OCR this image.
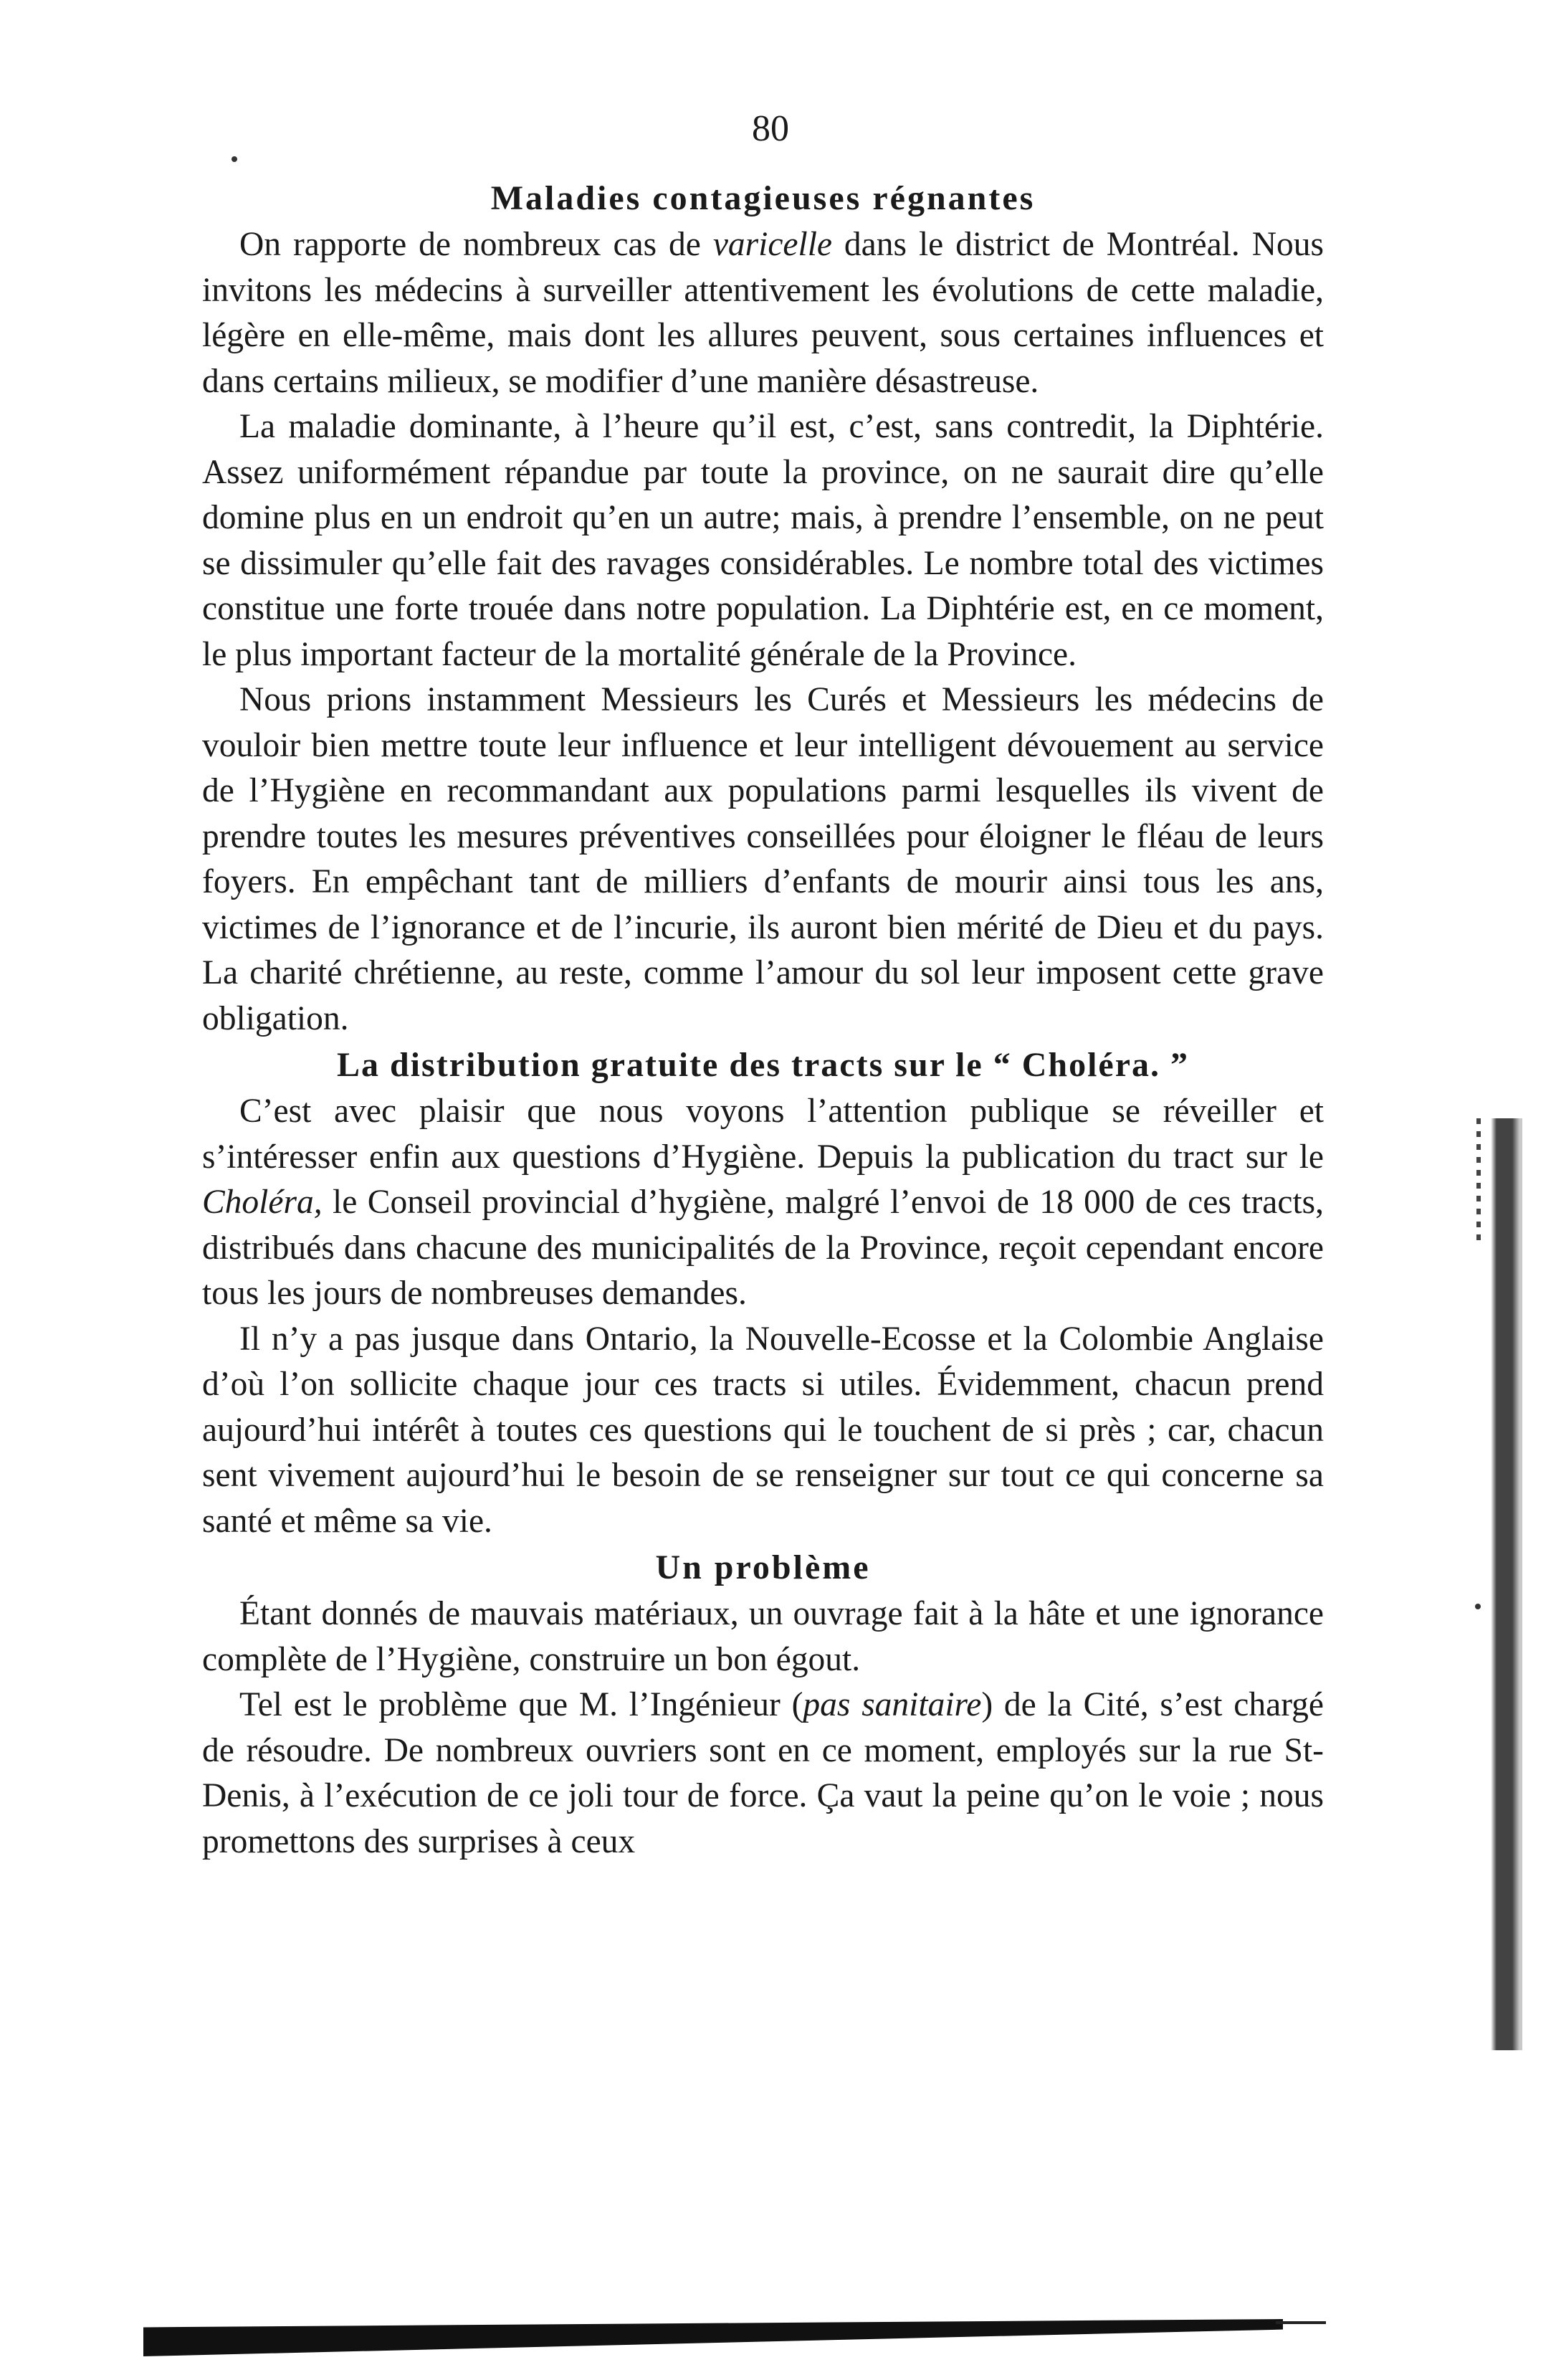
80
Maladies contagieuses régnantes

On rapporte de nombreux cas de varicelle dans le district de Montréal. Nous invitons les médecins à surveiller attentivement les évolutions de cette maladie, légère en elle-même, mais dont les allures peuvent, sous certaines influences et dans certains milieux, se modifier d’une manière désastreuse.

La maladie dominante, à l’heure qu’il est, c’est, sans contredit, la Diphtérie. Assez uniformément répandue par toute la province, on ne saurait dire qu’elle domine plus en un endroit qu’en un autre; mais, à prendre l’ensemble, on ne peut se dissimuler qu’elle fait des ravages considérables. Le nombre total des victimes constitue une forte trouée dans notre population. La Diphtérie est, en ce moment, le plus important facteur de la mortalité générale de la Province.

Nous prions instamment Messieurs les Curés et Messieurs les médecins de vouloir bien mettre toute leur influence et leur intelligent dévouement au service de l’Hygiène en recommandant aux populations parmi lesquelles ils vivent de prendre toutes les mesures préventives conseillées pour éloigner le fléau de leurs foyers. En empêchant tant de milliers d’enfants de mourir ainsi tous les ans, victimes de l’ignorance et de l’incurie, ils auront bien mérité de Dieu et du pays. La charité chrétienne, au reste, comme l’amour du sol leur imposent cette grave obligation.

La distribution gratuite des tracts sur le “ Choléra. ”

C’est avec plaisir que nous voyons l’attention publique se réveiller et s’intéresser enfin aux questions d’Hygiène. Depuis la publication du tract sur le Choléra, le Conseil provincial d’hygiène, malgré l’envoi de 18 000 de ces tracts, distribués dans chacune des municipalités de la Province, reçoit cependant encore tous les jours de nombreuses demandes.

Il n’y a pas jusque dans Ontario, la Nouvelle-Ecosse et la Colombie Anglaise d’où l’on sollicite chaque jour ces tracts si utiles. Évidemment, chacun prend aujourd’hui intérêt à toutes ces questions qui le touchent de si près ; car, chacun sent vivement aujourd’hui le besoin de se renseigner sur tout ce qui concerne sa santé et même sa vie.

Un problème

Étant donnés de mauvais matériaux, un ouvrage fait à la hâte et une ignorance complète de l’Hygiène, construire un bon égout.

Tel est le problème que M. l’Ingénieur (pas sanitaire) de la Cité, s’est chargé de résoudre. De nombreux ouvriers sont en ce moment, employés sur la rue St-Denis, à l’exécution de ce joli tour de force. Ça vaut la peine qu’on le voie ; nous promettons des surprises à ceux
